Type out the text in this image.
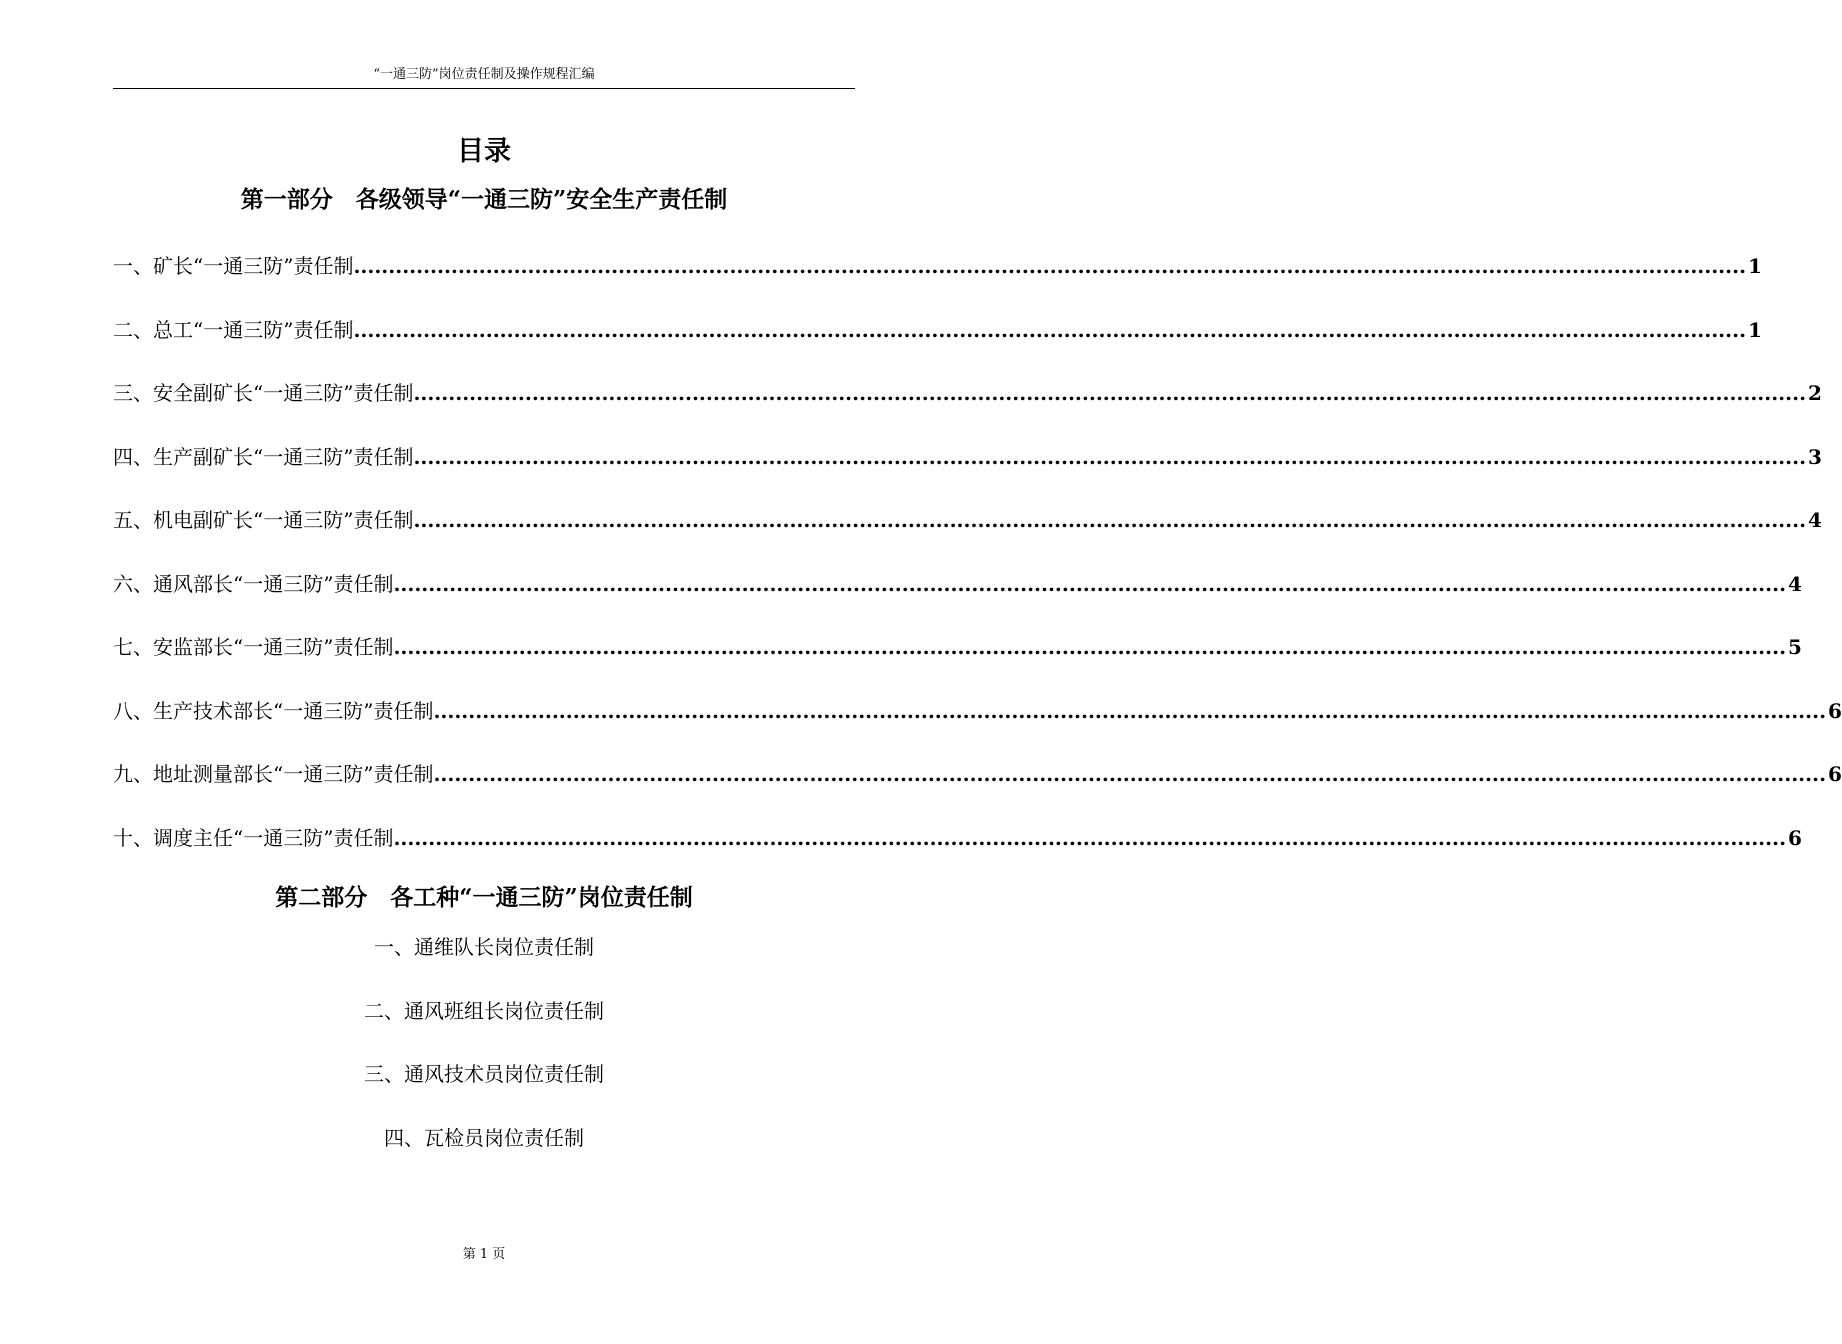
“一通三防”岗位责任制及操作规程汇编
目录
第一部分　各级领导“一通三防”安全生产责任制
一、矿长“一通三防”责任制 ........................................................................................................................................................................................................ 1
二、总工“一通三防”责任制 ........................................................................................................................................................................................................ 1
三、安全副矿长“一通三防”责任制 ........................................................................................................................................................................................................ 2
四、生产副矿长“一通三防”责任制 ........................................................................................................................................................................................................ 3
五、机电副矿长“一通三防”责任制 ........................................................................................................................................................................................................ 4
六、通风部长“一通三防”责任制 ........................................................................................................................................................................................................ 4
七、安监部长“一通三防”责任制 ........................................................................................................................................................................................................ 5
八、生产技术部长“一通三防”责任制 ........................................................................................................................................................................................................ 6
九、地址测量部长“一通三防”责任制 ........................................................................................................................................................................................................ 6
十、调度主任“一通三防”责任制 ........................................................................................................................................................................................................ 6
第二部分　各工种“一通三防”岗位责任制
一、通维队长岗位责任制
二、通风班组长岗位责任制
三、通风技术员岗位责任制
四、瓦检员岗位责任制
第 1 页
